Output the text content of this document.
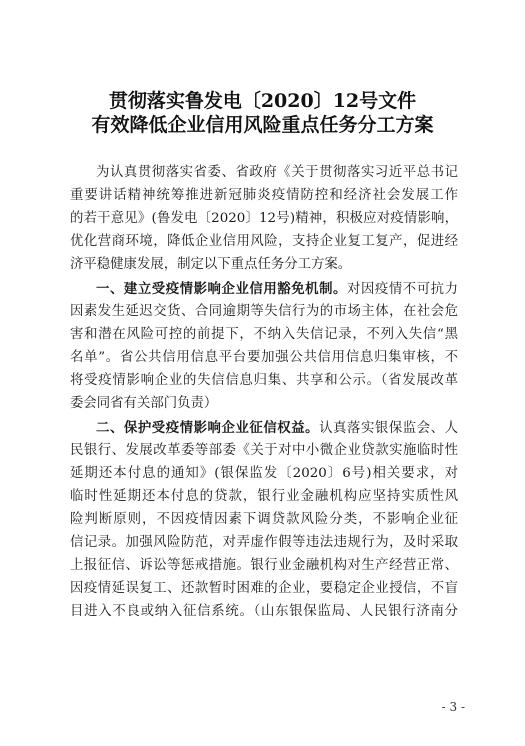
贯彻落实鲁发电〔2020〕12号文件
有效降低企业信用风险重点任务分工方案
为认真贯彻落实省委、省政府《关于贯彻落实习近平总书记
重要讲话精神统筹推进新冠肺炎疫情防控和经济社会发展工作
的若干意见》(鲁发电〔2020〕12号)精神，积极应对疫情影响，
优化营商环境，降低企业信用风险，支持企业复工复产，促进经
济平稳健康发展，制定以下重点任务分工方案。
一、建立受疫情影响企业信用豁免机制。对因疫情不可抗力
因素发生延迟交货、合同逾期等失信行为的市场主体，在社会危
害和潜在风险可控的前提下，不纳入失信记录，不列入失信“黑
名单”。省公共信用信息平台要加强公共信用信息归集审核，不
将受疫情影响企业的失信信息归集、共享和公示。（省发展改革
委会同省有关部门负责）
二、保护受疫情影响企业征信权益。认真落实银保监会、人
民银行、发展改革委等部委《关于对中小微企业贷款实施临时性
延期还本付息的通知》(银保监发〔2020〕6号)相关要求，对
临时性延期还本付息的贷款，银行业金融机构应坚持实质性风
险判断原则，不因疫情因素下调贷款风险分类，不影响企业征
信记录。加强风险防范，对弄虚作假等违法违规行为，及时采取
上报征信、诉讼等惩戒措施。银行业金融机构对生产经营正常、
因疫情延误复工、还款暂时困难的企业，要稳定企业授信，不盲
目进入不良或纳入征信系统。（山东银保监局、人民银行济南分
- 3 -
